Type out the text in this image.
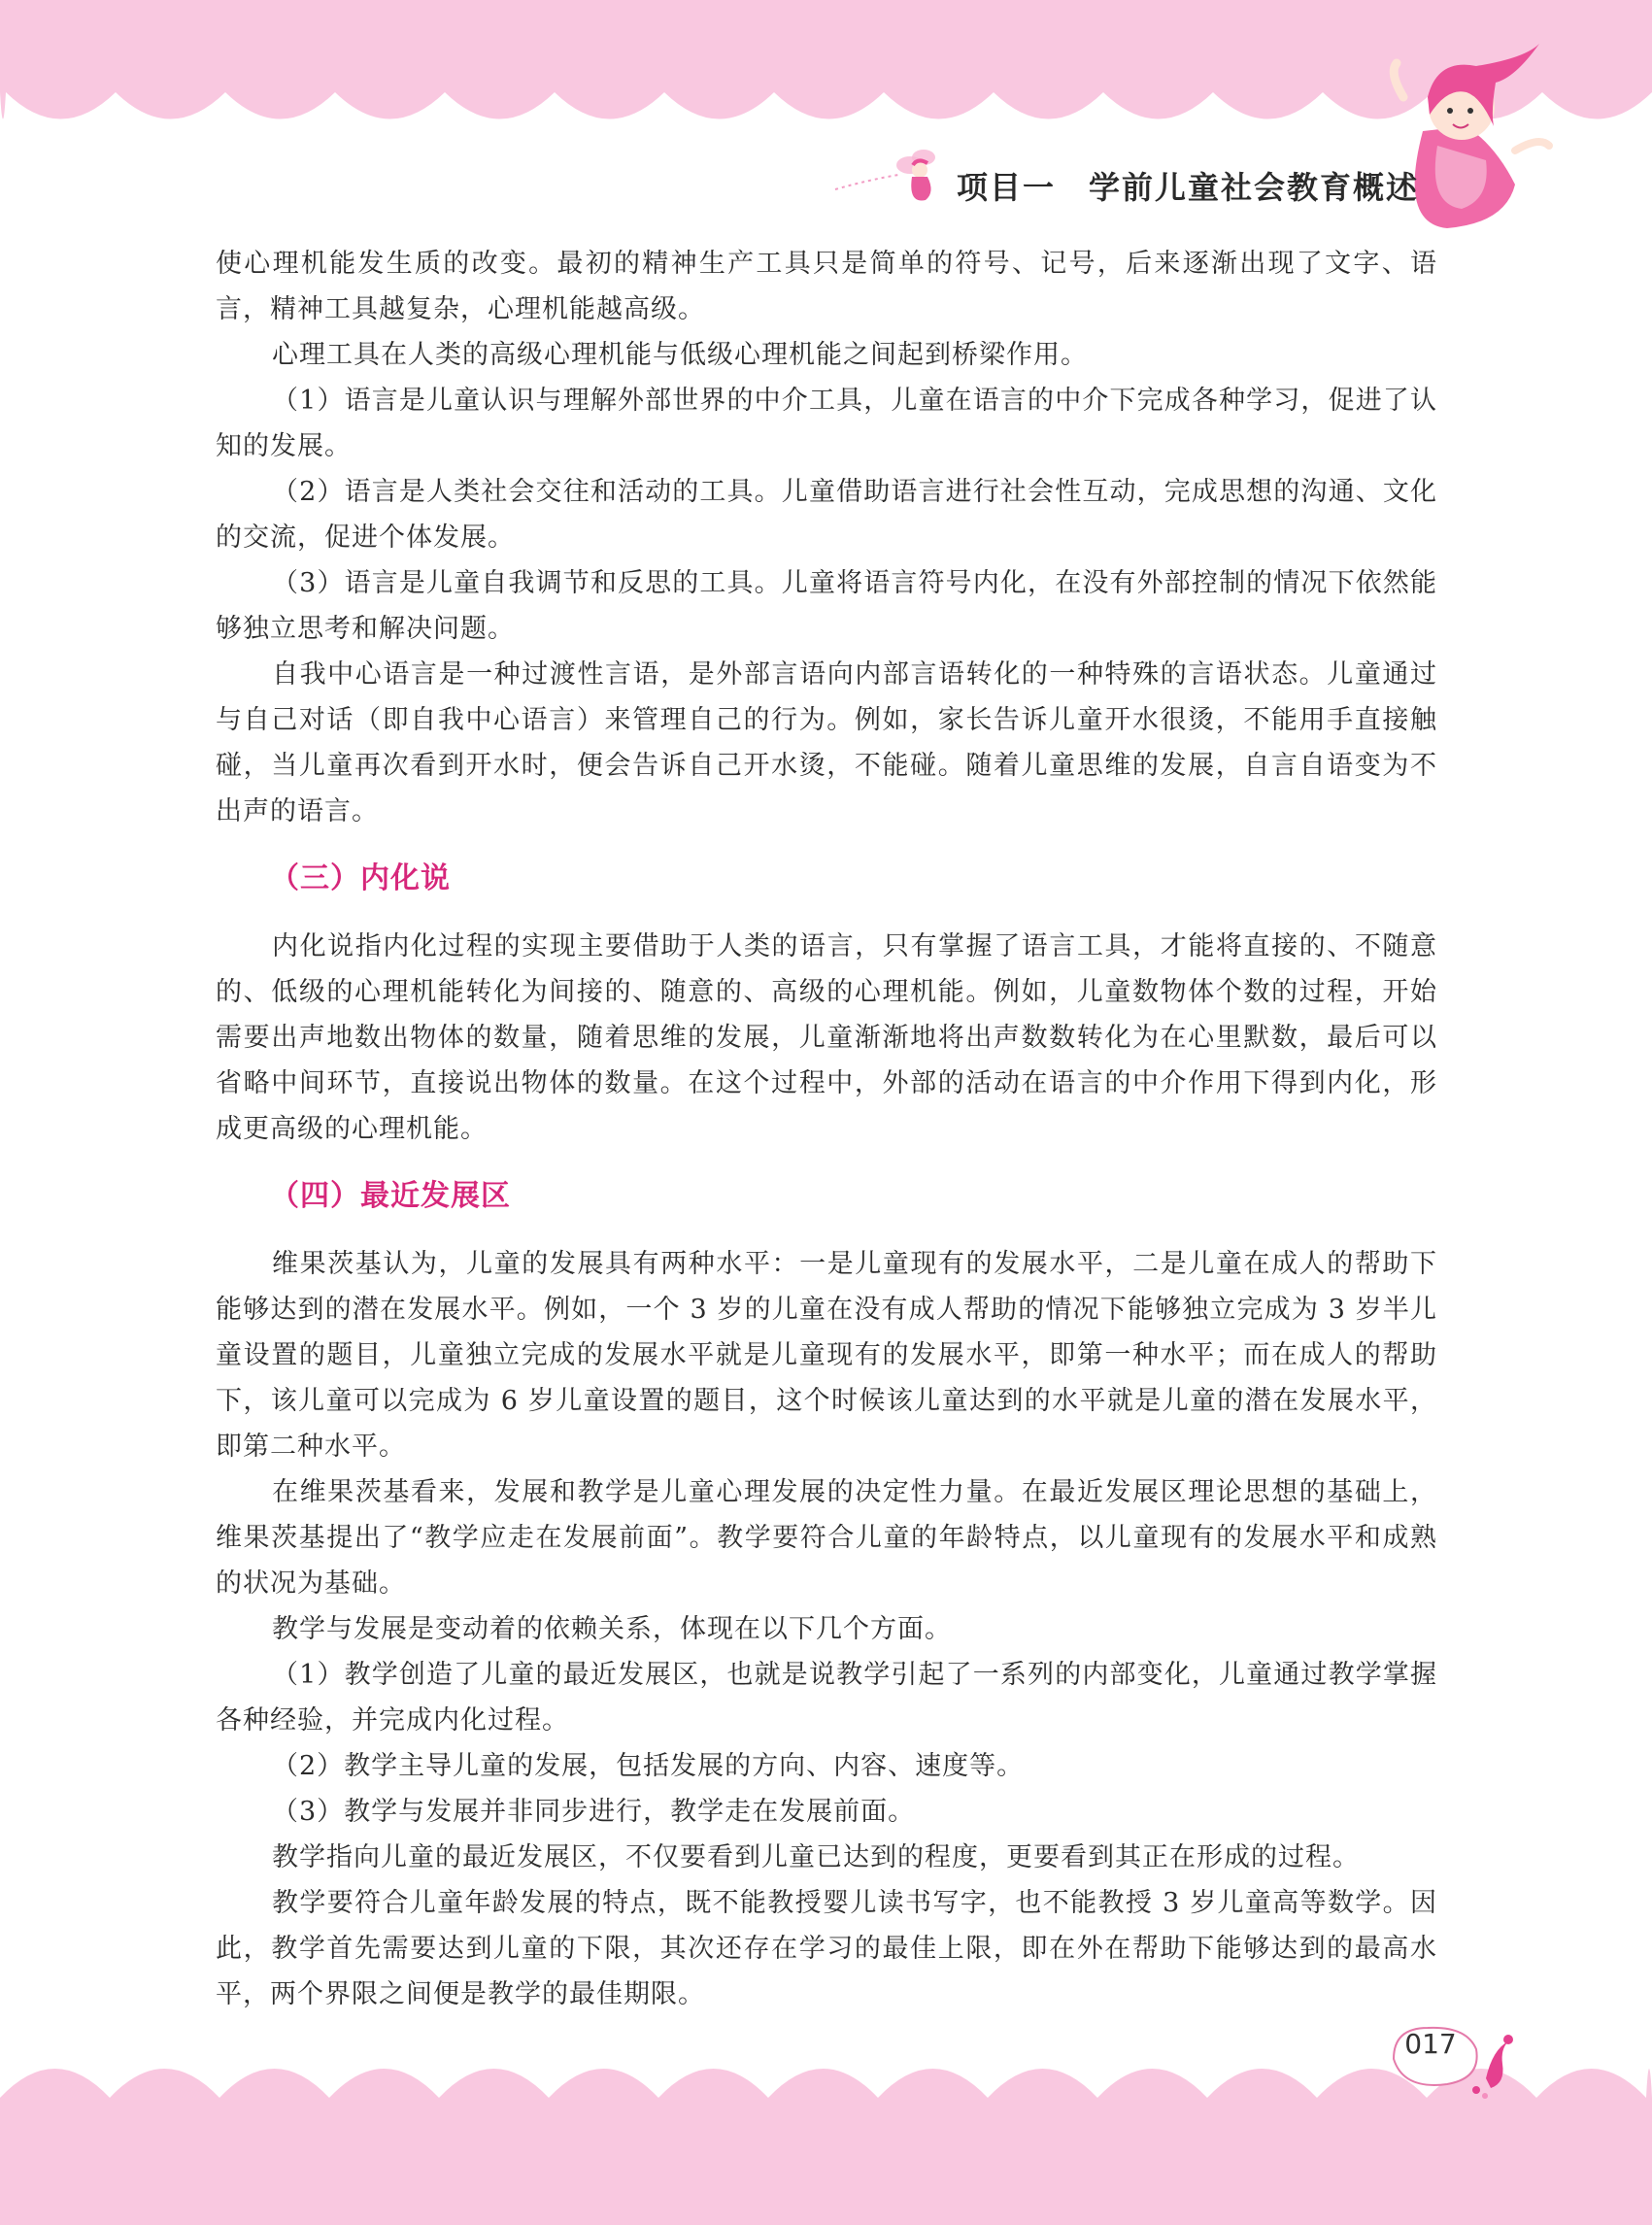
项目一　学前儿童社会教育概述

使心理机能发生质的改变。最初的精神生产工具只是简单的符号、记号，后来逐渐出现了文字、语言，精神工具越复杂，心理机能越高级。

心理工具在人类的高级心理机能与低级心理机能之间起到桥梁作用。

（1）语言是儿童认识与理解外部世界的中介工具，儿童在语言的中介下完成各种学习，促进了认知的发展。

（2）语言是人类社会交往和活动的工具。儿童借助语言进行社会性互动，完成思想的沟通、文化的交流，促进个体发展。

（3）语言是儿童自我调节和反思的工具。儿童将语言符号内化，在没有外部控制的情况下依然能够独立思考和解决问题。

自我中心语言是一种过渡性言语，是外部言语向内部言语转化的一种特殊的言语状态。儿童通过与自己对话（即自我中心语言）来管理自己的行为。例如，家长告诉儿童开水很烫，不能用手直接触碰，当儿童再次看到开水时，便会告诉自己开水烫，不能碰。随着儿童思维的发展，自言自语变为不出声的语言。

（三）内化说

内化说指内化过程的实现主要借助于人类的语言，只有掌握了语言工具，才能将直接的、不随意的、低级的心理机能转化为间接的、随意的、高级的心理机能。例如，儿童数物体个数的过程，开始需要出声地数出物体的数量，随着思维的发展，儿童渐渐地将出声数数转化为在心里默数，最后可以省略中间环节，直接说出物体的数量。在这个过程中，外部的活动在语言的中介作用下得到内化，形成更高级的心理机能。

（四）最近发展区

维果茨基认为，儿童的发展具有两种水平：一是儿童现有的发展水平，二是儿童在成人的帮助下能够达到的潜在发展水平。例如，一个 3 岁的儿童在没有成人帮助的情况下能够独立完成为 3 岁半儿童设置的题目，儿童独立完成的发展水平就是儿童现有的发展水平，即第一种水平；而在成人的帮助下，该儿童可以完成为 6 岁儿童设置的题目，这个时候该儿童达到的水平就是儿童的潜在发展水平，即第二种水平。

在维果茨基看来，发展和教学是儿童心理发展的决定性力量。在最近发展区理论思想的基础上，维果茨基提出了“教学应走在发展前面”。教学要符合儿童的年龄特点，以儿童现有的发展水平和成熟的状况为基础。

教学与发展是变动着的依赖关系，体现在以下几个方面。

（1）教学创造了儿童的最近发展区，也就是说教学引起了一系列的内部变化，儿童通过教学掌握各种经验，并完成内化过程。

（2）教学主导儿童的发展，包括发展的方向、内容、速度等。

（3）教学与发展并非同步进行，教学走在发展前面。

教学指向儿童的最近发展区，不仅要看到儿童已达到的程度，更要看到其正在形成的过程。

教学要符合儿童年龄发展的特点，既不能教授婴儿读书写字，也不能教授 3 岁儿童高等数学。因此，教学首先需要达到儿童的下限，其次还存在学习的最佳上限，即在外在帮助下能够达到的最高水平，两个界限之间便是教学的最佳期限。

017
